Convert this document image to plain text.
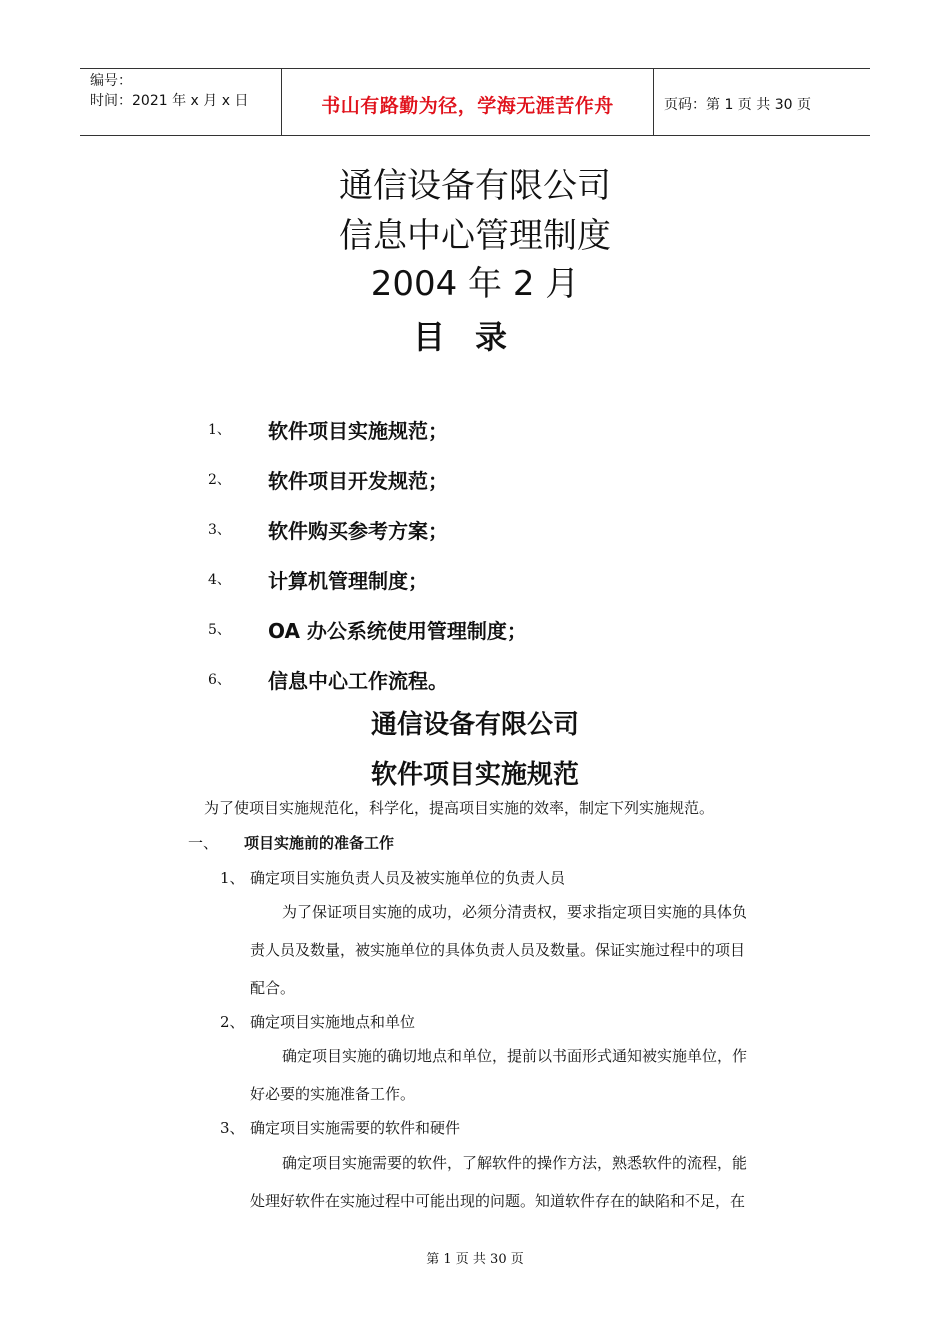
编号：
时间：2021 年 x 月 x 日	书山有路勤为径，学海无涯苦作舟	页码：第 1 页 共 30 页
通信设备有限公司
信息中心管理制度
2004 年 2 月
目录
1、	软件项目实施规范；
2、	软件项目开发规范；
3、	软件购买参考方案；
4、	计算机管理制度；
5、	OA 办公系统使用管理制度；
6、	信息中心工作流程。
通信设备有限公司
软件项目实施规范
为了使项目实施规范化，科学化，提高项目实施的效率，制定下列实施规范。
一、	项目实施前的准备工作
1、 确定项目实施负责人员及被实施单位的负责人员
为了保证项目实施的成功，必须分清责权，要求指定项目实施的具体负
责人员及数量，被实施单位的具体负责人员及数量。保证实施过程中的项目
配合。
2、 确定项目实施地点和单位
确定项目实施的确切地点和单位，提前以书面形式通知被实施单位，作
好必要的实施准备工作。
3、 确定项目实施需要的软件和硬件
确定项目实施需要的软件，了解软件的操作方法，熟悉软件的流程，能
处理好软件在实施过程中可能出现的问题。知道软件存在的缺陷和不足，在
第 1 页 共 30 页
